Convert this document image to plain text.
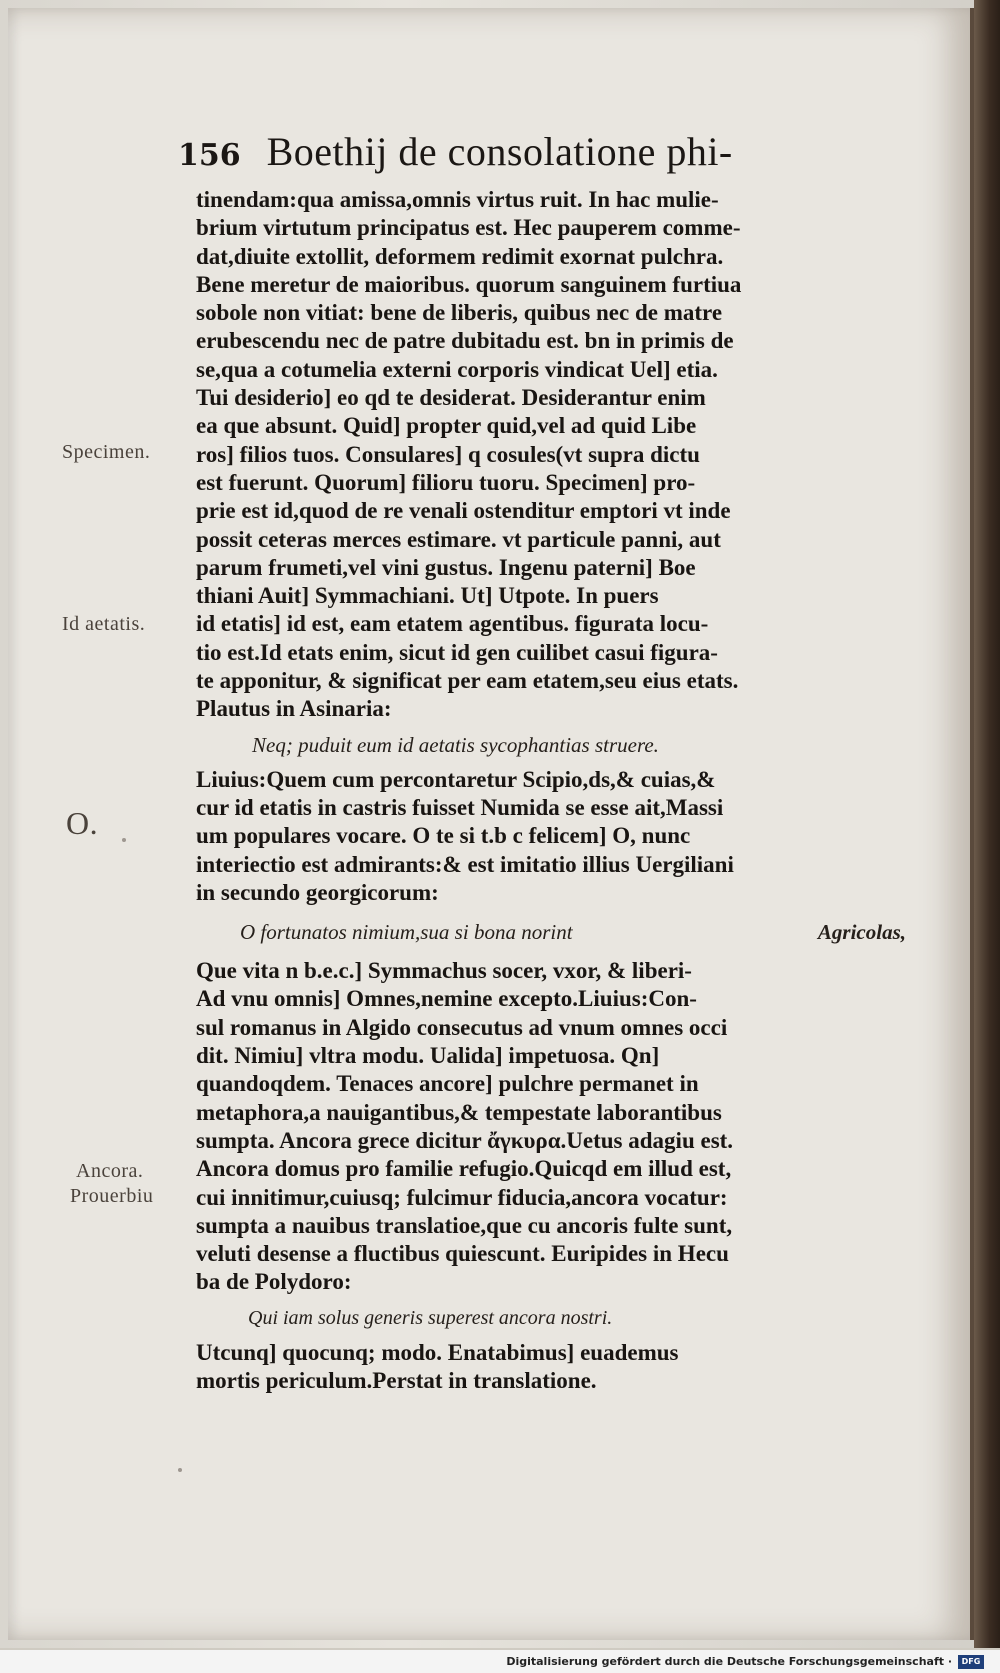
156 Boethij de consolatione phi-
Specimen.
Id aetatis.
O.
Ancora.
Prouerbiu
tinendam:qua amissa,omnis virtus ruit. In hac mulie-
brium virtutum principatus est. Hec pauperem comme-
dat,diuite extollit, deformem redimit exornat pulchra.
Bene meretur de maioribus. quorum sanguinem furtiua
sobole non vitiat: bene de liberis, quibus nec de matre
erubescendu nec de patre dubitadu est. bn in primis de
se,qua a cotumelia externi corporis vindicat Uel] etia.
Tui desiderio] eo qd te desiderat. Desiderantur enim
ea que absunt. Quid] propter quid,vel ad quid Libe
ros] filios tuos. Consulares] q cosules(vt supra dictu
est fuerunt. Quorum] filioru tuoru. Specimen] pro-
prie est id,quod de re venali ostenditur emptori vt inde
possit ceteras merces estimare. vt particule panni, aut
parum frumeti,vel vini gustus. Ingenu paterni] Boe
thiani Auit] Symmachiani. Ut] Utpote. In puers
id etatis] id est, eam etatem agentibus. figurata locu-
tio est.Id etats enim, sicut id gen cuilibet casui figura-
te apponitur, & significat per eam etatem,seu eius etats.
Plautus in Asinaria:
Neq; puduit eum id aetatis sycophantias struere.
Liuius:Quem cum percontaretur Scipio,ds,& cuias,&
cur id etatis in castris fuisset Numida se esse ait,Massi
um populares vocare. O te si t.b c felicem] O, nunc
interiectio est admirants:& est imitatio illius Uergiliani
in secundo georgicorum:
O fortunatos nimium,sua si bona norint	Agricolas,
Que vita n b.e.c.] Symmachus socer, vxor, & liberi-
Ad vnu omnis] Omnes,nemine excepto.Liuius:Con-
sul romanus in Algido consecutus ad vnum omnes occi
dit. Nimiu] vltra modu. Ualida] impetuosa. Qn]
quandoqdem. Tenaces ancore] pulchre permanet in
metaphora,a nauigantibus,& tempestate laborantibus
sumpta. Ancora grece dicitur ἄγκυρα.Uetus adagiu est.
Ancora domus pro familie refugio.Quicqd em illud est,
cui innitimur,cuiusq; fulcimur fiducia,ancora vocatur:
sumpta a nauibus translatioe,que cu ancoris fulte sunt,
veluti desense a fluctibus quiescunt. Euripides in Hecu
ba de Polydoro:
Qui iam solus generis superest ancora nostri.
Utcunq] quocunq; modo. Enatabimus] euademus
mortis periculum.Perstat in translatione.
Digitalisierung gefördert durch die Deutsche Forschungsgemeinschaft ·	DFG
